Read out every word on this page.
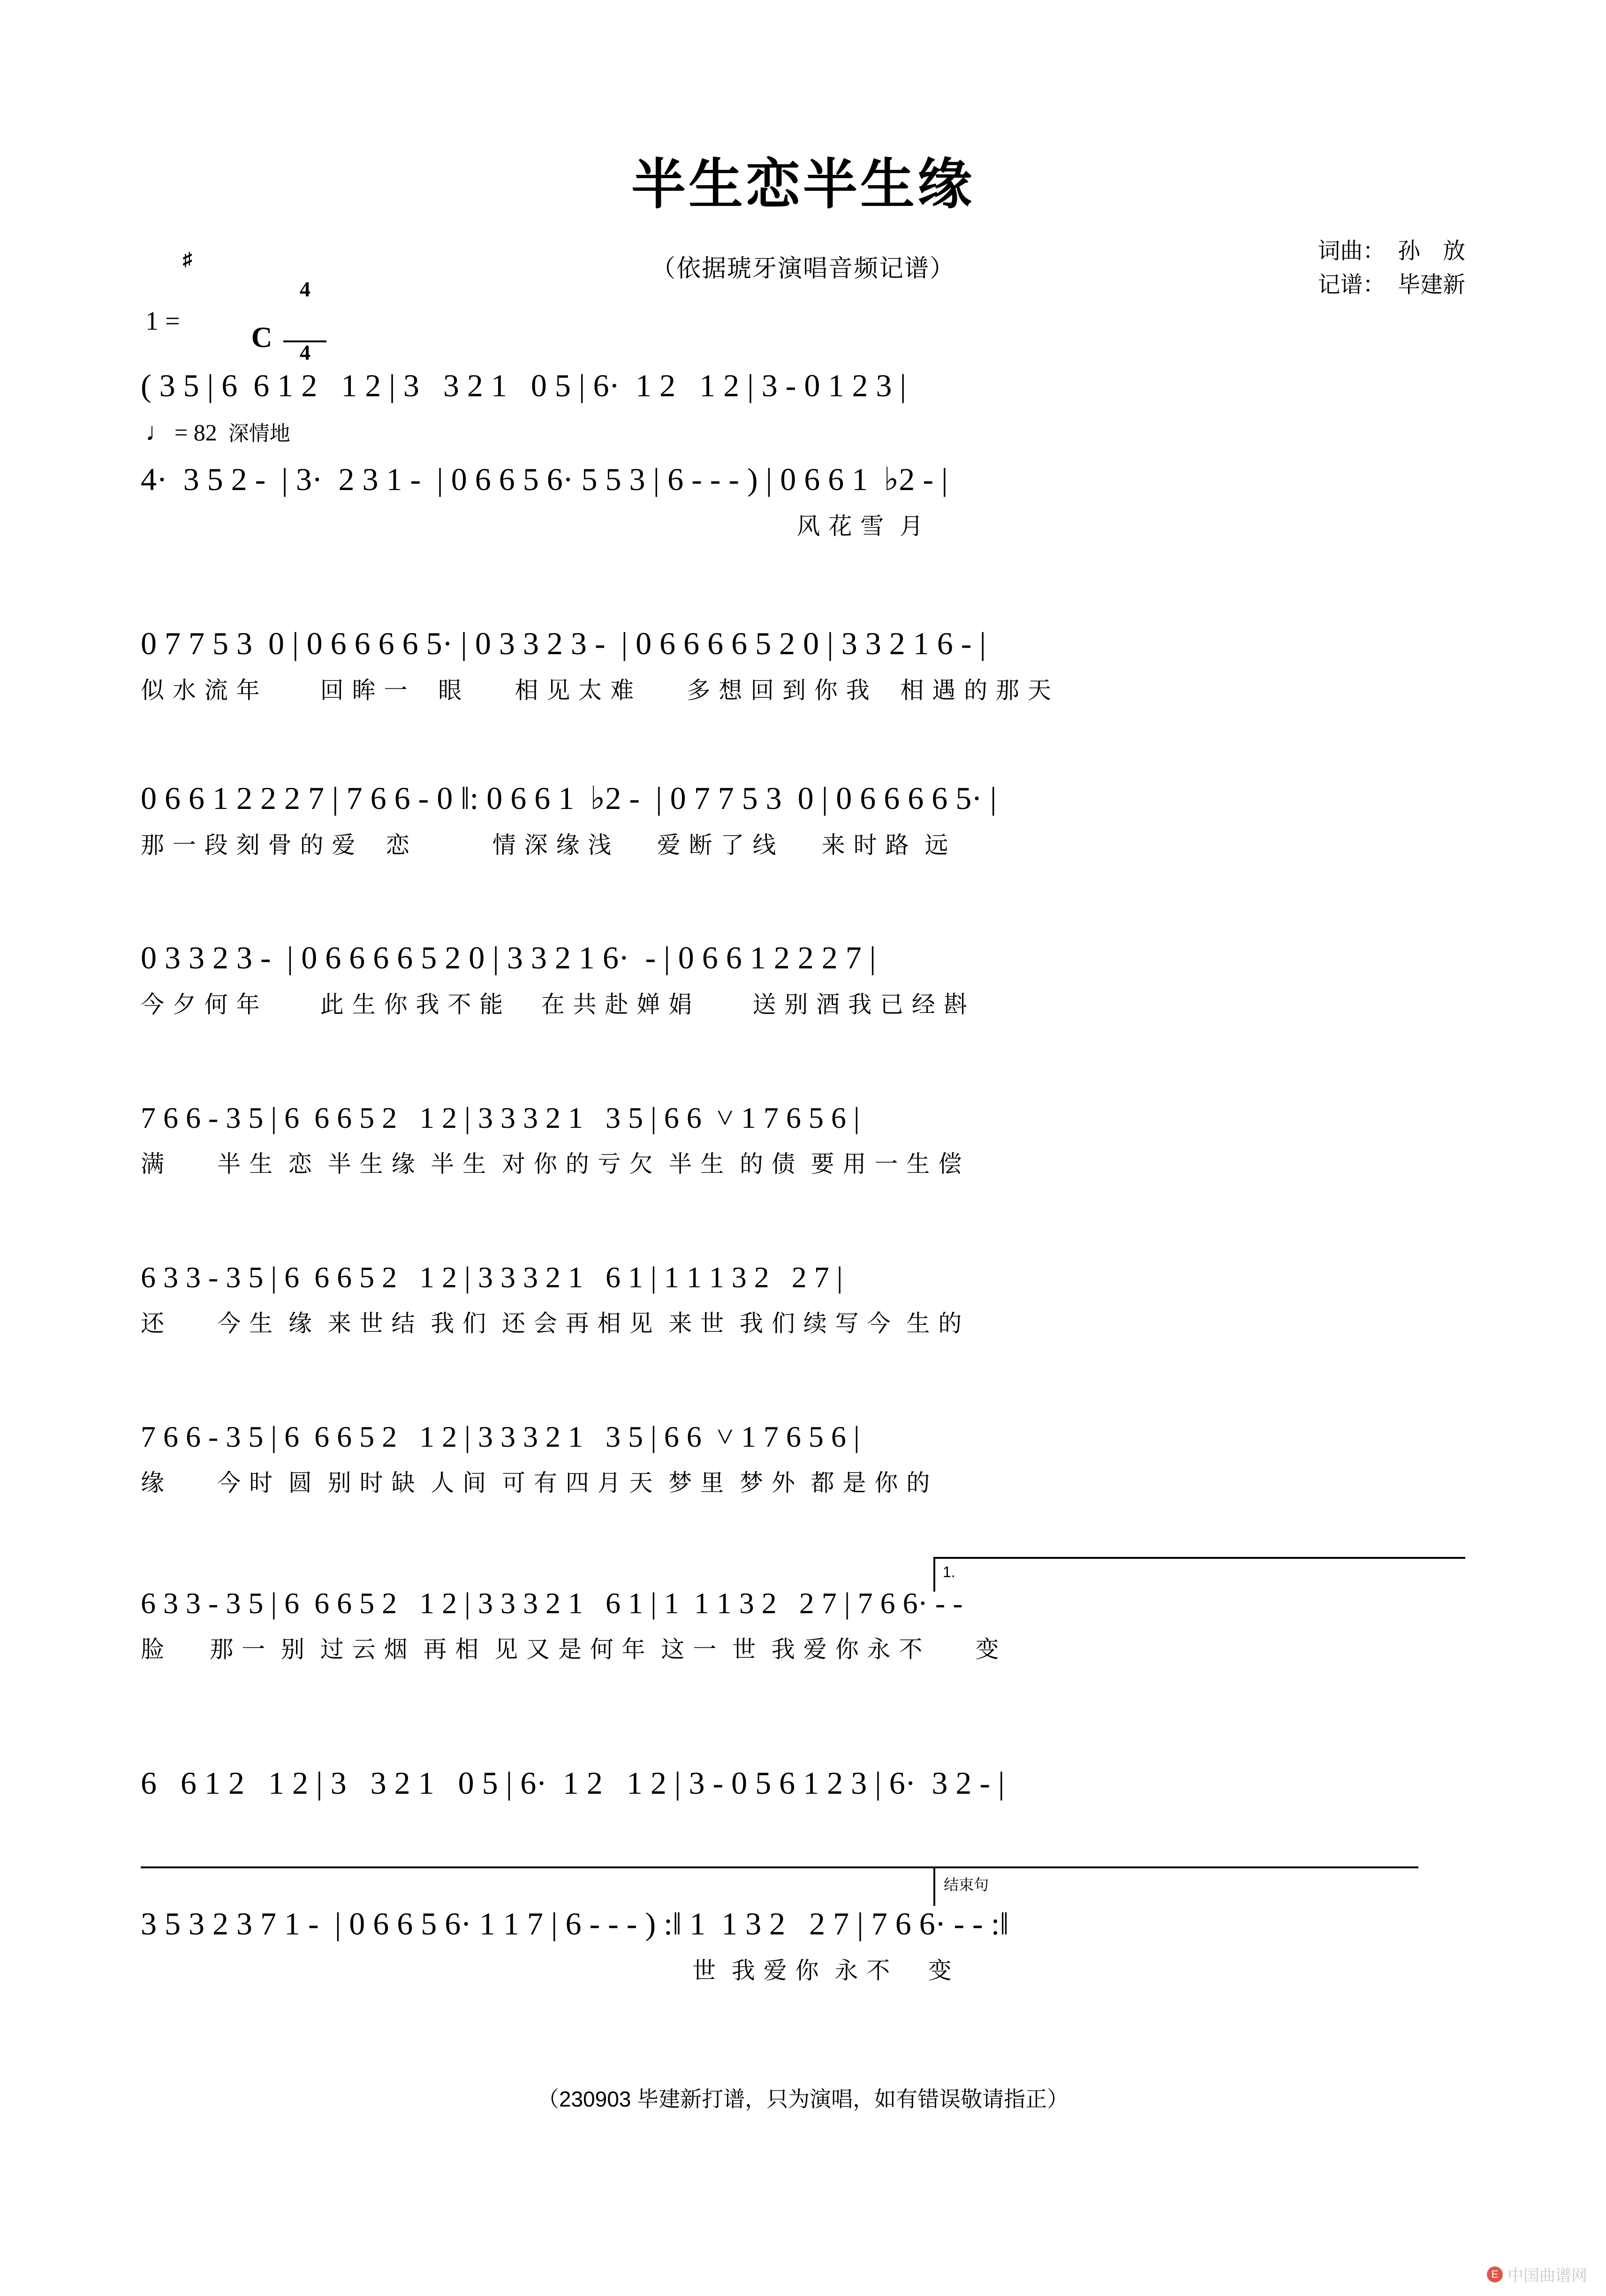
半生恋半生缘
（依据琥牙演唱音频记谱）
词曲：  孙　放
记谱：  毕建新
1 =

♯

C

$\frac{4}{4}$

♩ = 82 深情地
( 3 5 | 6  6 1 2   1 2 | 3   3 2 1   0 5 | 6·  1 2   1 2 | 3 - 0 1 2 3 |
4·  3 5 2 -  | 3·  2 3 1 -  | 0 6 6 5 6· 5 5 3 | 6 - - - ) | 0 6 6 1  ♭2 - |
风 花 雪  月
0 7 7 5 3  0 | 0 6 6 6 6 5· | 0 3 3 2 3 -  | 0 6 6 6 6 5 2 0 | 3 3 2 1 6 - |
似 水 流 年        回 眸 一    眼       相 见 太 难       多 想 回 到 你 我    相 遇 的 那 天
0 6 6 1 2 2 2 7 | 7 6 6 - 0 ‖: 0 6 6 1  ♭2 -  | 0 7 7 5 3  0 | 0 6 6 6 6 5· |
那 一 段 刻 骨 的 爱    恋           情 深 缘 浅      爱 断 了 线      来 时 路  远
0 3 3 2 3 -  | 0 6 6 6 6 5 2 0 | 3 3 2 1 6·  - | 0 6 6 1 2 2 2 7 |
今 夕 何 年        此 生 你 我 不 能     在 共 赴 婵 娟        送 别 酒 我 已 经 斟
7 6 6 - 3 5 | 6  6 6 5 2   1 2 | 3 3 3 2 1   3 5 | 6 6  ˅ 1 7 6 5 6 |
满       半 生  恋  半 生 缘  半 生  对 你 的 亏 欠  半 生  的 债  要 用 一 生 偿
6 3 3 - 3 5 | 6  6 6 5 2   1 2 | 3 3 3 2 1   6 1 | 1 1 1 3 2   2 7 |
还       今 生  缘  来 世 结  我 们  还 会 再 相 见  来 世  我 们 续 写 今  生 的
7 6 6 - 3 5 | 6  6 6 5 2   1 2 | 3 3 3 2 1   3 5 | 6 6  ˅ 1 7 6 5 6 |
缘       今 时  圆  别 时 缺  人 间  可 有 四 月 天  梦 里  梦 外  都 是 你 的
1.
6 3 3 - 3 5 | 6  6 6 5 2   1 2 | 3 3 3 2 1   6 1 | 1  1 1 3 2   2 7 | 7 6 6· - -
脸      那 一  别  过 云 烟  再 相  见 又 是 何 年  这 一  世  我 爱 你 永 不       变
6   6 1 2   1 2 | 3   3 2 1   0 5 | 6·  1 2   1 2 | 3 - 0 5 6 1 2 3 | 6·  3 2 - |
结束句
3 5 3 2 3 7 1 -  | 0 6 6 5 6· 1 1 7 | 6 - - - ) :‖ 1  1 3 2   2 7 | 7 6 6· - - :‖
世  我 爱 你  永 不     变
（230903 毕建新打谱，只为演唱，如有错误敬请指正）
E 中国曲谱网
